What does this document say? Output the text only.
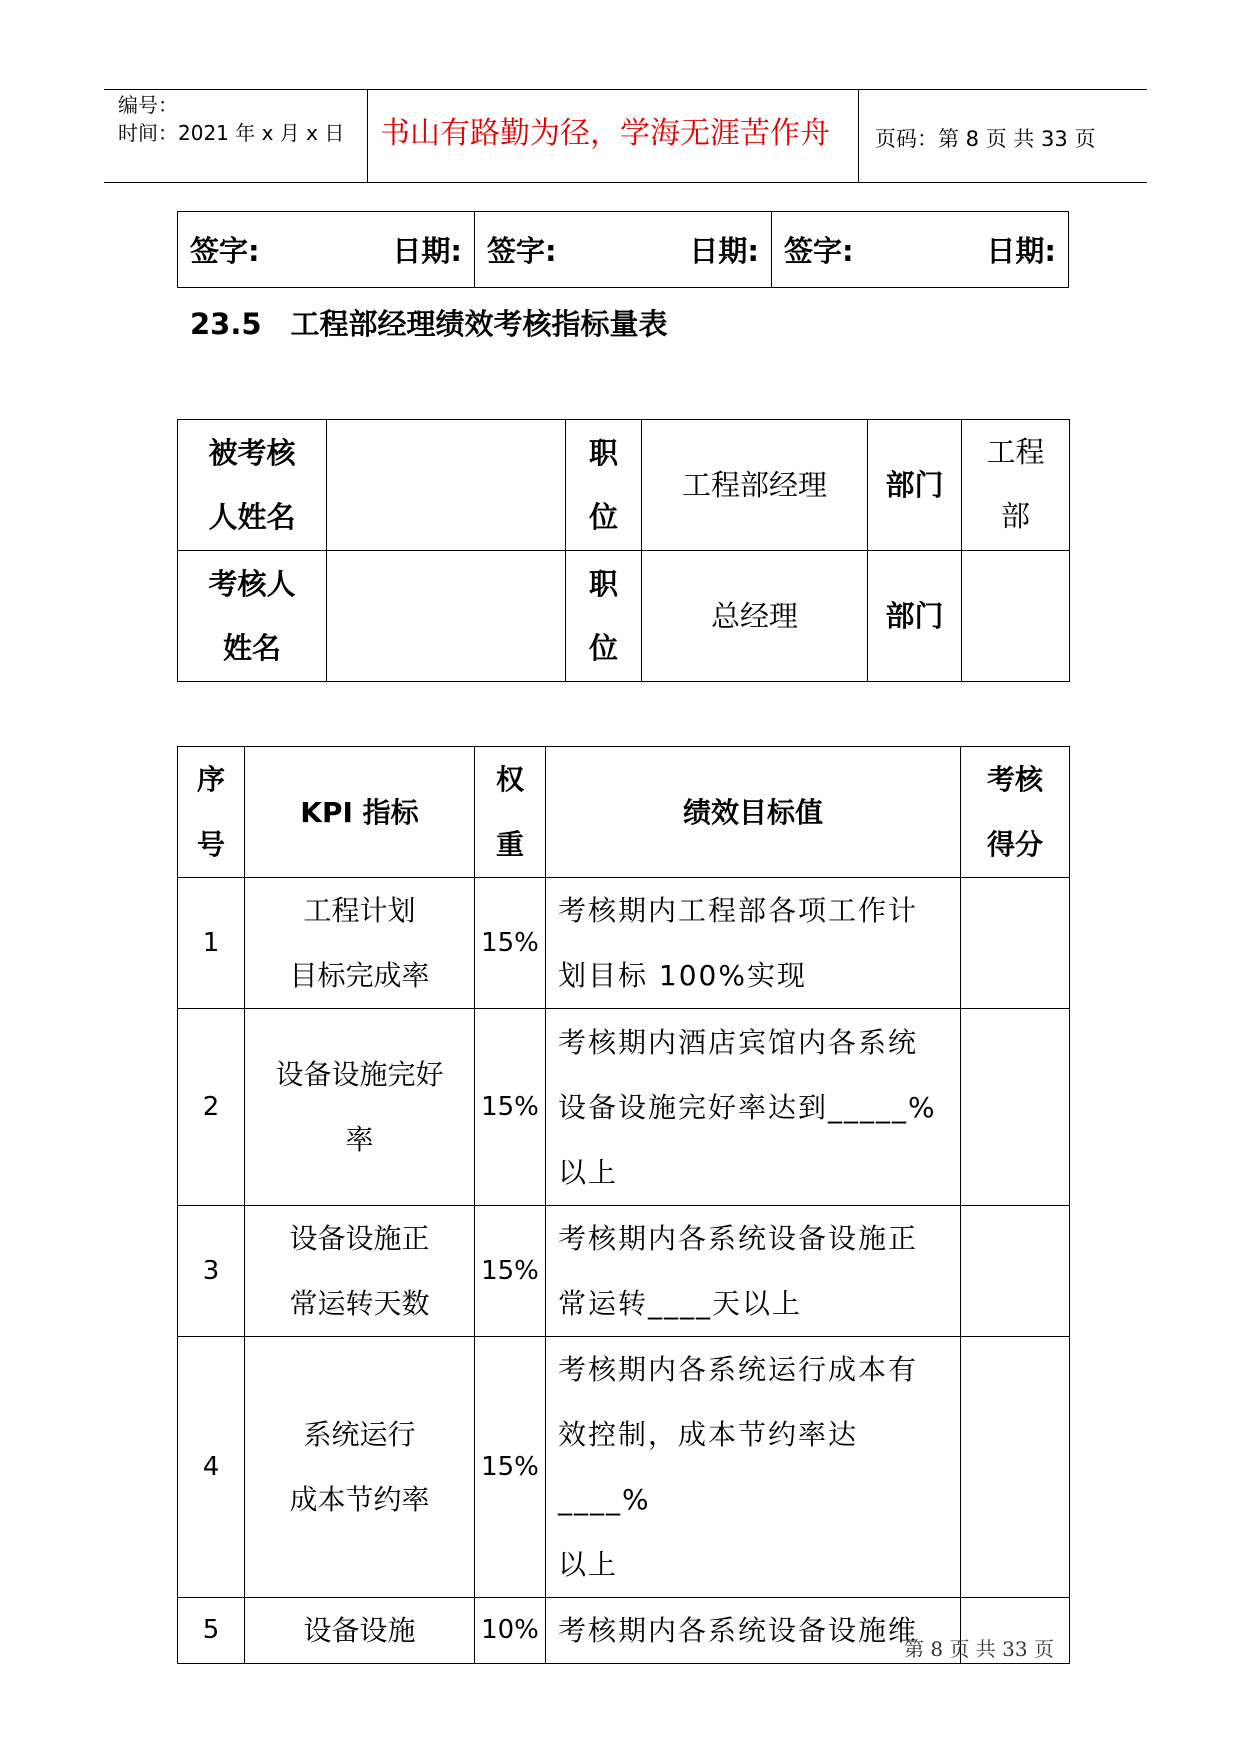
编号：
时间：2021 年 x 月 x 日	书山有路勤为径，学海无涯苦作舟	页码：第 8 页 共 33 页
签字:	日期:	签字:	日期:	签字:	日期:
23.5　工程部经理绩效考核指标量表
被考核
人姓名		职
位	工程部经理	部门	工程
部

考核人
姓名		职
位	总经理	部门	
序
号	KPI 指标	权
重	绩效目标值	考核
得分

1	工程计划
目标完成率	15%	考核期内工程部各项工作计
划目标 100%实现	

2	设备设施完好
率	15%	考核期内酒店宾馆内各系统
设备设施完好率达到_____%
以上	

3	设备设施正
常运转天数	15%	考核期内各系统设备设施正
常运转____天以上	

4	系统运行
成本节约率	15%	考核期内各系统运行成本有
效控制，成本节约率达____%
以上	

5	设备设施	10%	考核期内各系统设备设施维	

第 8 页 共 33 页
